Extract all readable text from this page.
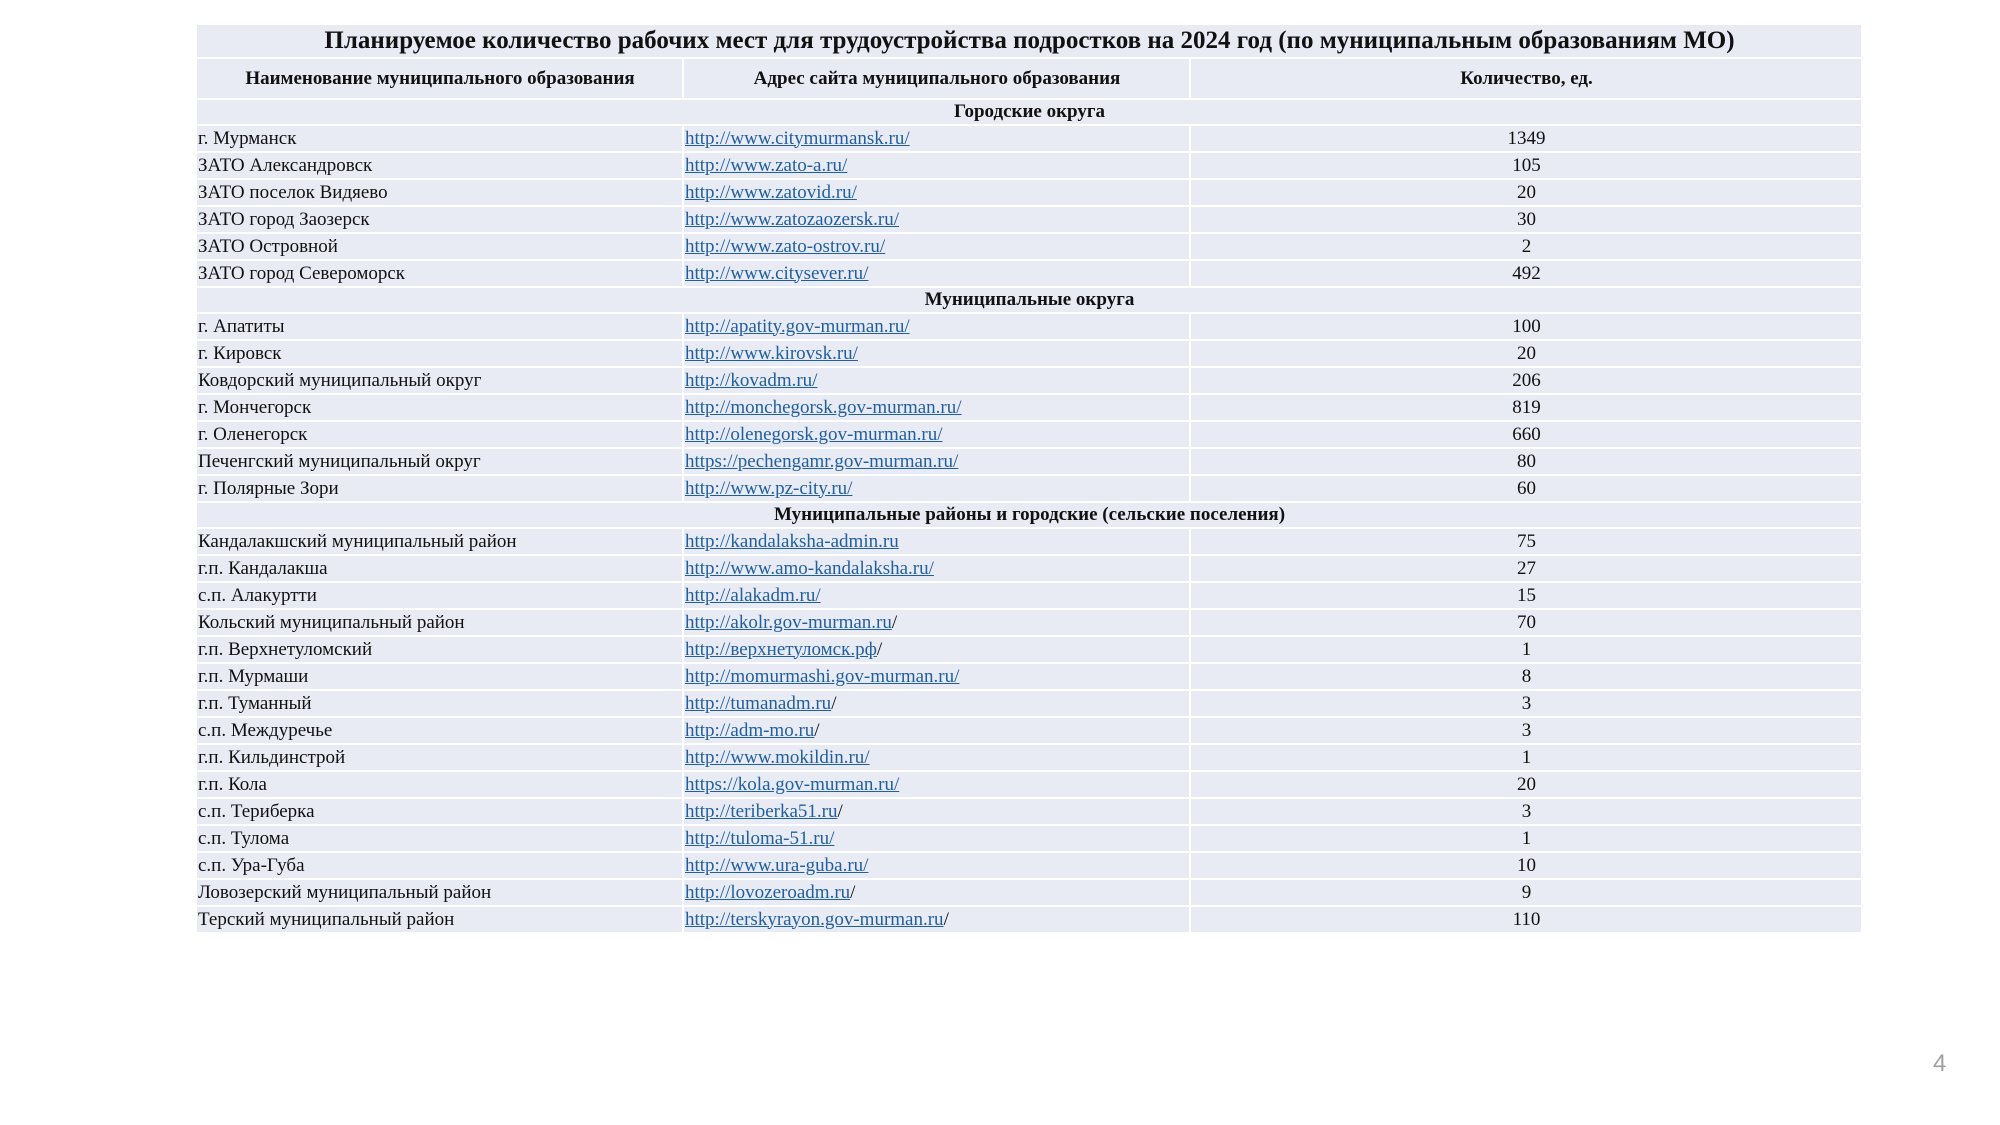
Планируемое количество рабочих мест для трудоустройства подростков на 2024 год (по муниципальным образованиям МО)		
Наименование муниципального образования	Адрес сайта муниципального образования	Количество, ед.
Городские округа		
г. Мурманск	http://www.citymurmansk.ru/	1349
ЗАТО Александровск	http://www.zato-a.ru/	105
ЗАТО поселок Видяево	http://www.zatovid.ru/	20
ЗАТО город Заозерск	http://www.zatozaozersk.ru/	30
ЗАТО Островной	http://www.zato-ostrov.ru/	2
ЗАТО город Североморск	http://www.citysever.ru/	492
Муниципальные округа		
г. Апатиты	http://apatity.gov-murman.ru/	100
г. Кировск	http://www.kirovsk.ru/	20
Ковдорский муниципальный округ	http://kovadm.ru/	206
г. Мончегорск	http://monchegorsk.gov-murman.ru/	819
г. Оленегорск	http://olenegorsk.gov-murman.ru/	660
Печенгский муниципальный округ	https://pechengamr.gov-murman.ru/	80
г. Полярные Зори	http://www.pz-city.ru/	60
Муниципальные районы и городские (сельские поселения)		
Кандалакшский муниципальный район	http://kandalaksha-admin.ru	75
г.п. Кандалакша	http://www.amo-kandalaksha.ru/	27
с.п. Алакуртти	http://alakadm.ru/	15
Кольский муниципальный район	http://akolr.gov-murman.ru/	70
г.п. Верхнетуломский	http://верхнетуломск.рф/	1
г.п. Мурмаши	http://momurmashi.gov-murman.ru/	8
г.п. Туманный	http://tumanadm.ru/	3
с.п. Междуречье	http://adm-mo.ru/	3
г.п. Кильдинстрой	http://www.mokildin.ru/	1
г.п. Кола	https://kola.gov-murman.ru/	20
с.п. Териберка	http://teriberka51.ru/	3
с.п. Тулома	http://tuloma-51.ru/	1
с.п. Ура-Губа	http://www.ura-guba.ru/	10
Ловозерский муниципальный район	http://lovozeroadm.ru/	9
Терский муниципальный район	http://terskyrayon.gov-murman.ru/	110
4
